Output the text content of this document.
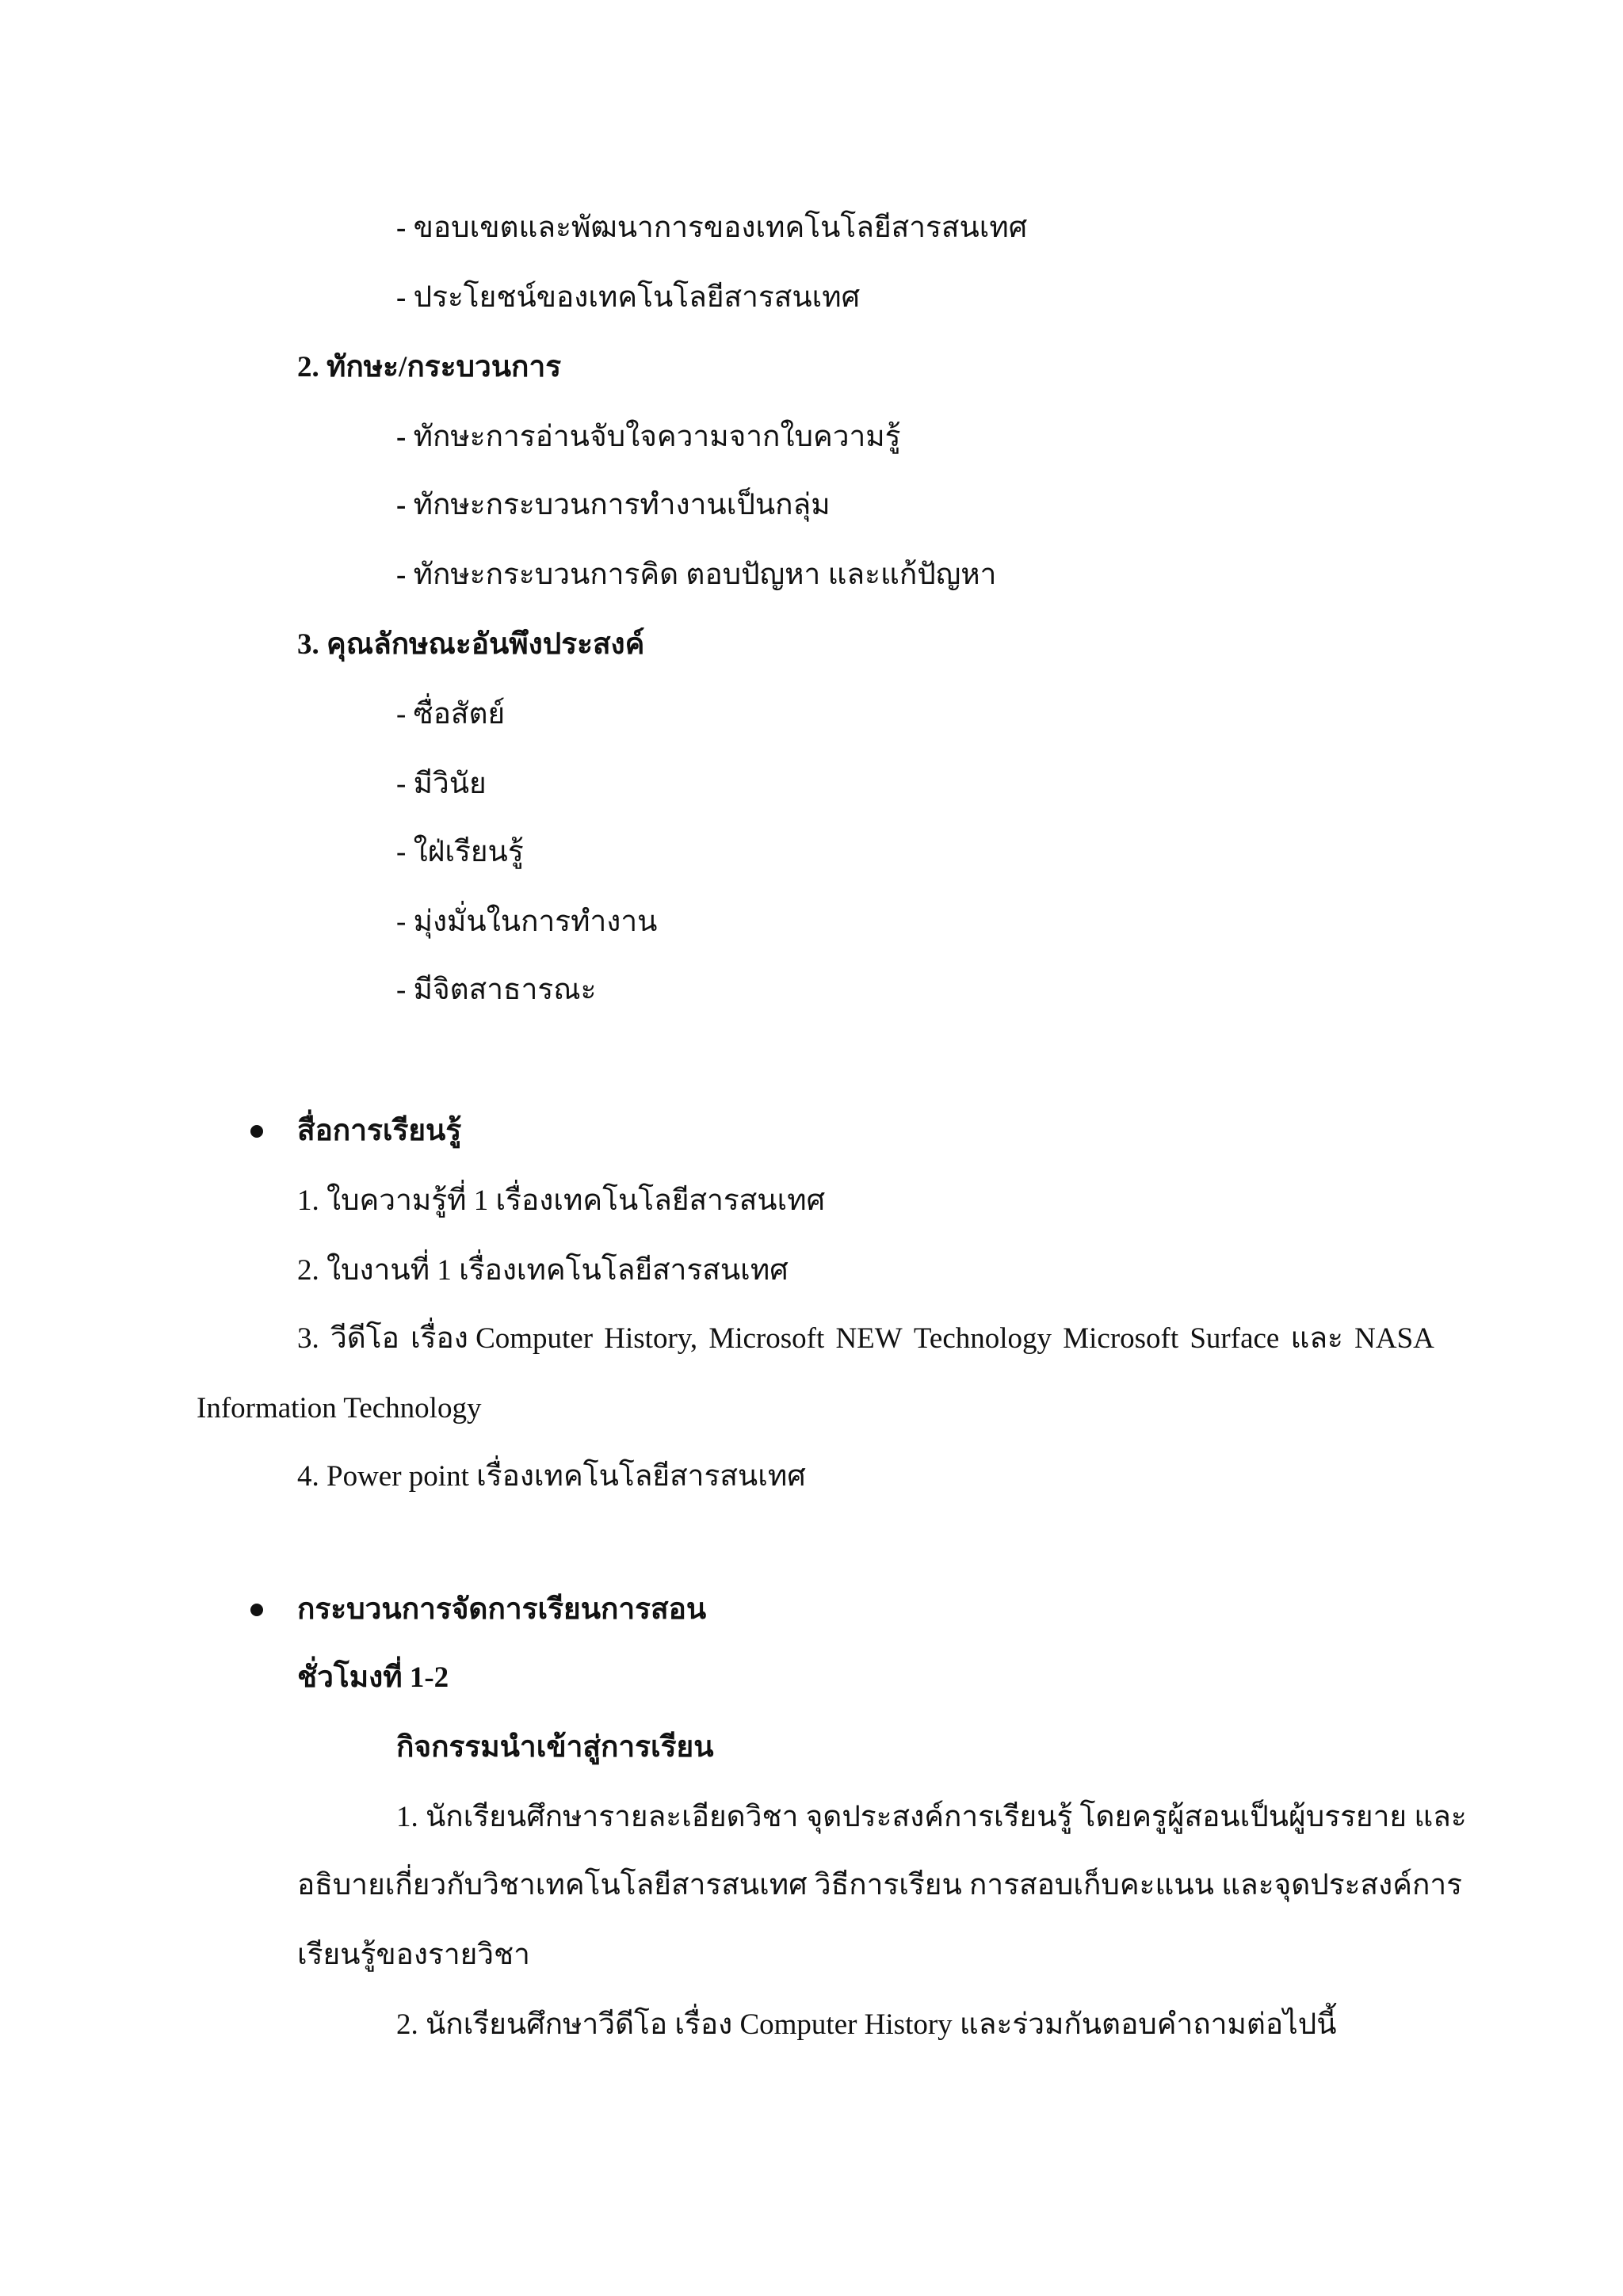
- ขอบเขตและพัฒนาการของเทคโนโลยีสารสนเทศ

- ประโยชน์ของเทคโนโลยีสารสนเทศ

2. ทักษะ/กระบวนการ

- ทักษะการอ่านจับใจความจากใบความรู้

- ทักษะกระบวนการทำงานเป็นกลุ่ม

- ทักษะกระบวนการคิด ตอบปัญหา และแก้ปัญหา

3. คุณลักษณะอันพึงประสงค์

- ซื่อสัตย์

- มีวินัย

- ใฝ่เรียนรู้

- มุ่งมั่นในการทำงาน

- มีจิตสาธารณะ

สื่อการเรียนรู้

1. ใบความรู้ที่ 1 เรื่องเทคโนโลยีสารสนเทศ

2. ใบงานที่ 1 เรื่องเทคโนโลยีสารสนเทศ

3. วีดีโอ เรื่อง Computer History, Microsoft NEW Technology Microsoft Surface และ NASA

Information Technology

4. Power point เรื่องเทคโนโลยีสารสนเทศ

กระบวนการจัดการเรียนการสอน

ชั่วโมงที่ 1-2

กิจกรรมนำเข้าสู่การเรียน

1. นักเรียนศึกษารายละเอียดวิชา จุดประสงค์การเรียนรู้ โดยครูผู้สอนเป็นผู้บรรยาย และ

อธิบายเกี่ยวกับวิชาเทคโนโลยีสารสนเทศ วิธีการเรียน การสอบเก็บคะแนน และจุดประสงค์การ

เรียนรู้ของรายวิชา

2. นักเรียนศึกษาวีดีโอ เรื่อง Computer History และร่วมกันตอบคำถามต่อไปนี้
